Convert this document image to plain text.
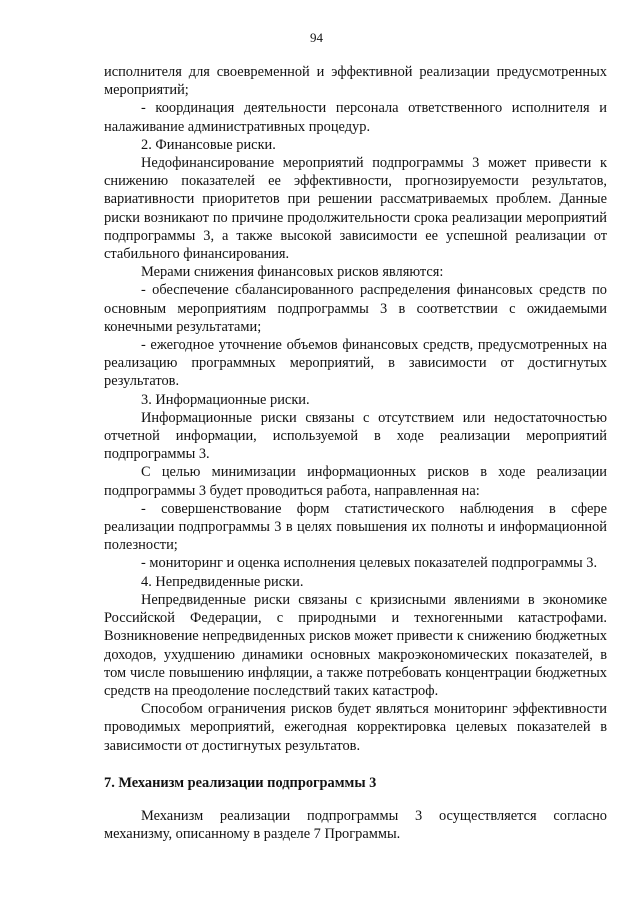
94

исполнителя для своевременной и эффективной реализации предусмотренных мероприятий;

- координация деятельности персонала ответственного исполнителя и налаживание административных процедур.

2. Финансовые риски.

Недофинансирование мероприятий подпрограммы 3 может привести к снижению показателей ее эффективности, прогнозируемости результатов, вариативности приоритетов при решении рассматриваемых проблем. Данные риски возникают по причине продолжительности срока реализации мероприятий подпрограммы 3, а также высокой зависимости ее успешной реализации от стабильного финансирования.

Мерами снижения финансовых рисков являются:

- обеспечение сбалансированного распределения финансовых средств по основным мероприятиям подпрограммы 3 в соответствии с ожидаемыми конечными результатами;

- ежегодное уточнение объемов финансовых средств, предусмотренных на реализацию программных мероприятий, в зависимости от достигнутых результатов.

3. Информационные риски.

Информационные риски связаны с отсутствием или недостаточностью отчетной информации, используемой в ходе реализации мероприятий подпрограммы 3.

С целью минимизации информационных рисков в ходе реализации подпрограммы 3 будет проводиться работа, направленная на:

- совершенствование форм статистического наблюдения в сфере реализации подпрограммы 3 в целях повышения их полноты и информационной полезности;

- мониторинг и оценка исполнения целевых показателей подпрограммы 3.

4. Непредвиденные риски.

Непредвиденные риски связаны с кризисными явлениями в экономике Российской Федерации, с природными и техногенными катастрофами. Возникновение непредвиденных рисков может привести к снижению бюджетных доходов, ухудшению динамики основных макроэкономических показателей, в том числе повышению инфляции, а также потребовать концентрации бюджетных средств на преодоление последствий таких катастроф.

Способом ограничения рисков будет являться мониторинг эффективности проводимых мероприятий, ежегодная корректировка целевых показателей в зависимости от достигнутых результатов.

7. Механизм реализации подпрограммы 3

Механизм реализации подпрограммы 3 осуществляется согласно механизму, описанному в разделе 7 Программы.
